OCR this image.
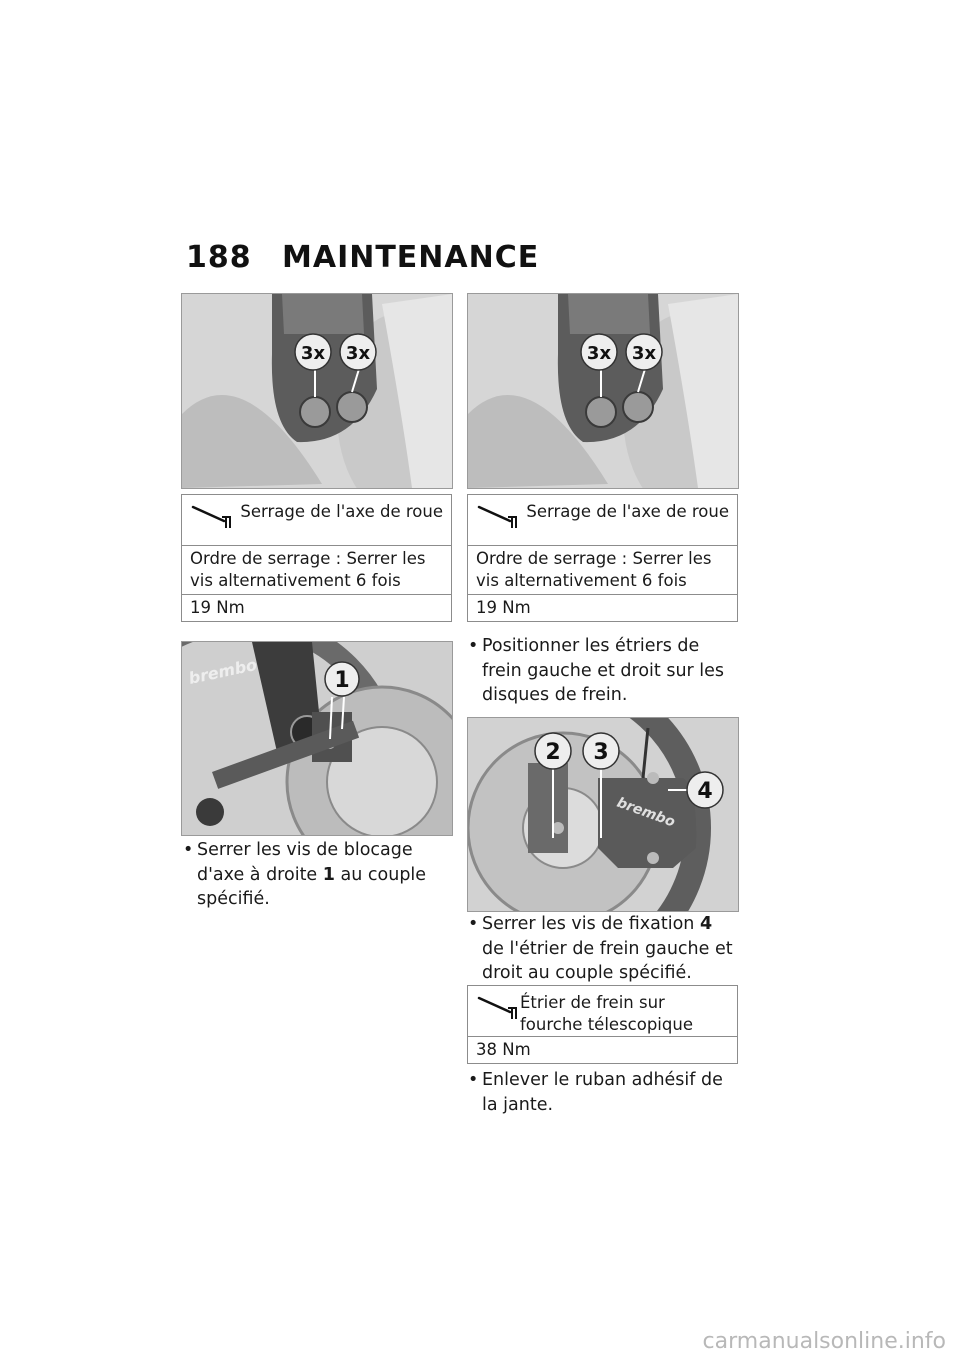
188 MAINTENANCE
3x 3x	3x 3x
Serrage de l'axe de roue
Ordre de serrage : Serrer les vis alternativement 6 fois
19 Nm
Serrage de l'axe de roue
Ordre de serrage : Serrer les vis alternativement 6 fois
19 Nm
brembo	1
• Serrer les vis de blocage d'axe à droite 1 au couple spécifié.
• Positionner les étriers de frein gauche et droit sur les disques de frein.
brembo
2 3
4
• Serrer les vis de fixation 4 de l'étrier de frein gauche et droit au couple spécifié.
Étrier de frein sur fourche télescopique
38 Nm
• Enlever le ruban adhésif de la jante.
carmanualsonline.info
